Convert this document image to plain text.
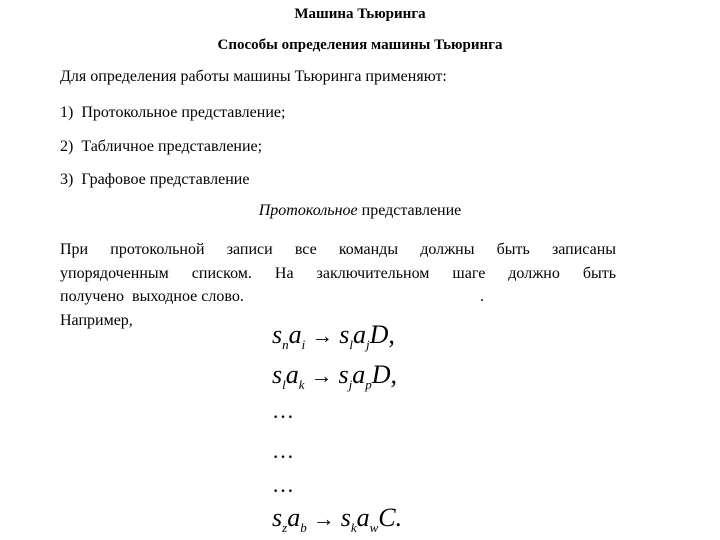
Машина Тьюринга
Способы определения машины Тьюринга
Для определения работы машины Тьюринга применяют:
1) Протокольное представление;
2) Табличное представление;
3) Графовое представление
Протокольное представление
При протокольной записи все команды должны быть записаны
упорядоченным списком. На заключительном шаге должно быть
получено  выходное слово.	.
Например,	$s_na_i \to s_la_jD$,
$s_la_k \to s_ja_pD$,
…
…
…
$s_za_b \to s_ka_wC$.
